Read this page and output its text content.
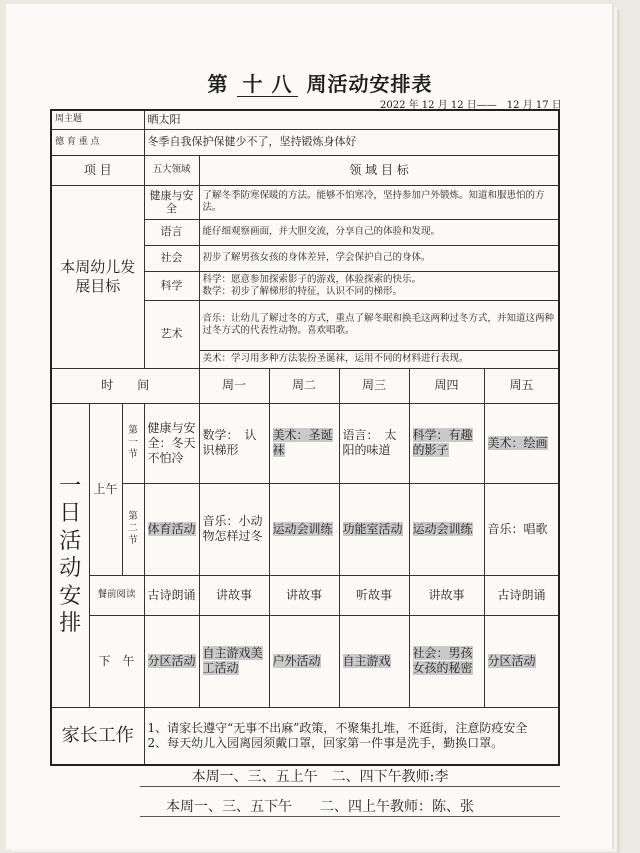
第 十 八 周活动安排表
2022 年 12 月 12 日——　12 月 17 日
周主题			晒太阳						
德 育 重 点			冬季自我保护保健少不了，坚持锻炼身体好						
项 目			五大领域	领 域 目 标					
本周幼儿发展目标			健康与安全	了解冬季防寒保暖的方法。能够不怕寒冷，坚持参加户外锻炼。知道和服患怕的方法。					
			语言	能仔细观察画面，并大胆交流，分享自己的体验和发现。					
			社会	初步了解男孩女孩的身体差异，学会保护自己的身体。					
			科学	科学：愿意参加探索影子的游戏，体验探索的快乐。
数学：初步了解梯形的特征，认识不同的梯形。					

			艺术	音乐：让幼儿了解过冬的方式，重点了解冬眠和换毛这两种过冬方式，并知道这两种过冬方式的代表性动物。喜欢唱歌。					
				美术：学习用多种方法装扮圣诞袜，运用不同的材料进行表现。					
时　　间				周一	周二	周三	周四	周五	
一日活动安排	上午	第一节	健康与安全：冬天不怕冷	数学：　认识梯形	美术：圣诞袜	语言：　太阳的味道	科学：有趣的影子	美术：绘画	
		第二节	体育活动	音乐：小动物怎样过冬	运动会训练	功能室活动	运动会训练	音乐：唱歌	
	餐前阅读		古诗朗诵	讲故事	讲故事	听故事	讲故事	古诗朗诵	
	下　午		分区活动	自主游戏美工活动	户外活动	自主游戏	社会：男孩女孩的秘密	分区活动	
家长工作			1、请家长遵守“无事不出麻”政策，不聚集扎堆，不逛街，注意防疫安全
2、每天幼儿入园离园须戴口罩，回家第一件事是洗手，勤换口罩。						
本周一、三、五上午　二、四下午教师:李
本周一、三、五下午　　二、四上午教师：陈、张
